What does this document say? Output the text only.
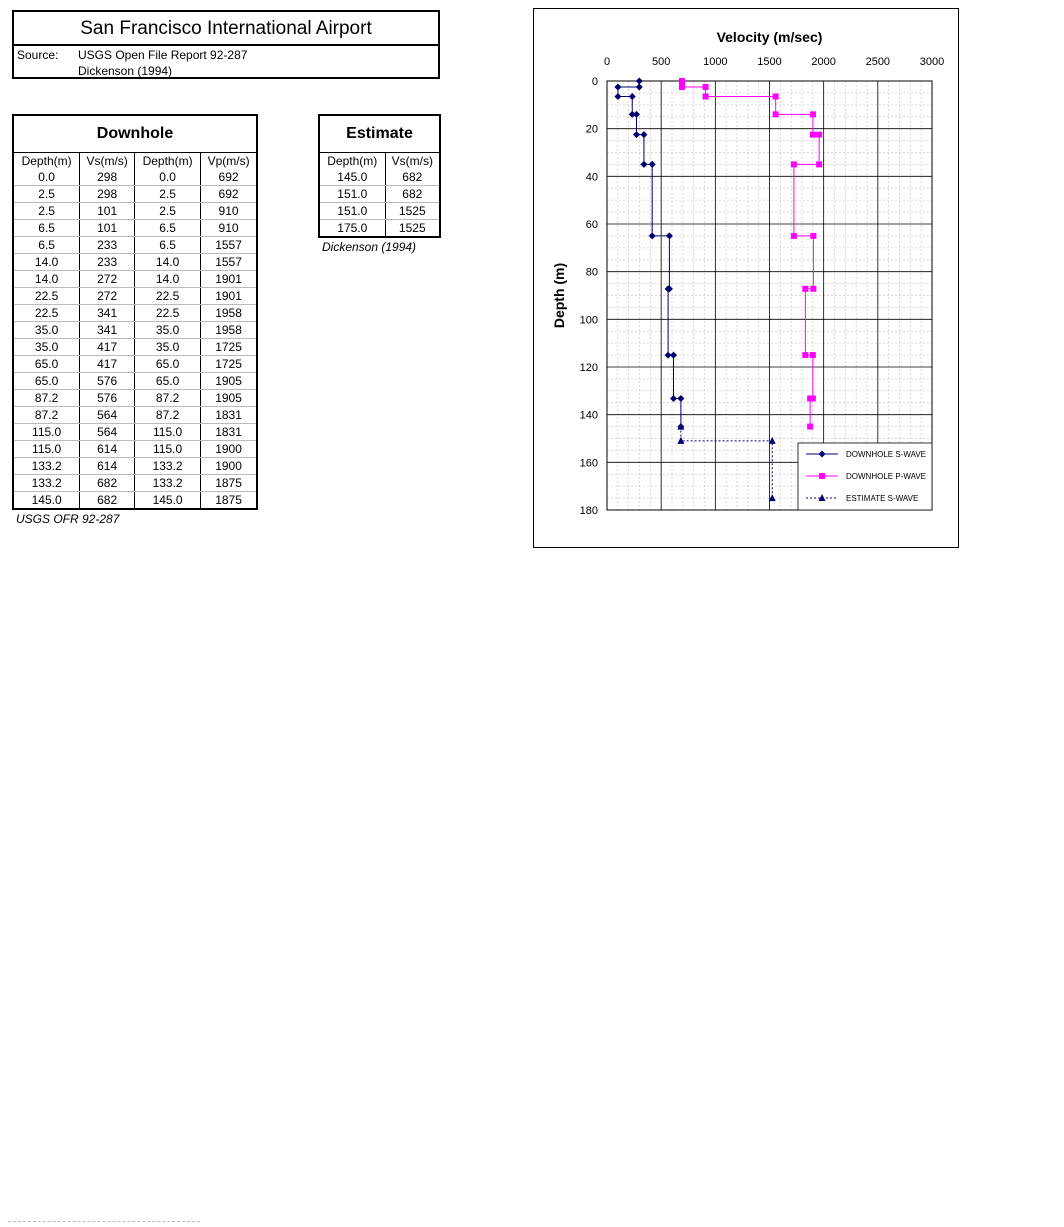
San Francisco International Airport
Source: USGS Open File Report 92-287
Dickenson (1994)
Downhole			
Depth(m)	Vs(m/s)	Depth(m)	Vp(m/s)
0.0	298	0.0	692
2.5	298	2.5	692
2.5	101	2.5	910
6.5	101	6.5	910
6.5	233	6.5	1557
14.0	233	14.0	1557
14.0	272	14.0	1901
22.5	272	22.5	1901
22.5	341	22.5	1958
35.0	341	35.0	1958
35.0	417	35.0	1725
65.0	417	65.0	1725
65.0	576	65.0	1905
87.2	576	87.2	1905
87.2	564	87.2	1831
115.0	564	115.0	1831
115.0	614	115.0	1900
133.2	614	133.2	1900
133.2	682	133.2	1875
145.0	682	145.0	1875
USGS OFR 92-287
Estimate	
Depth(m)	Vs(m/s)
145.0	682
151.0	682
151.0	1525
175.0	1525
Dickenson (1994)
0	500	1000	1500	2000	2500	3000
0
20
40
60
80
100
120
140
160
180
Velocity (m/sec)
Depth (m)
DOWNHOLE S-WAVE
DOWNHOLE P-WAVE
ESTIMATE S-WAVE
